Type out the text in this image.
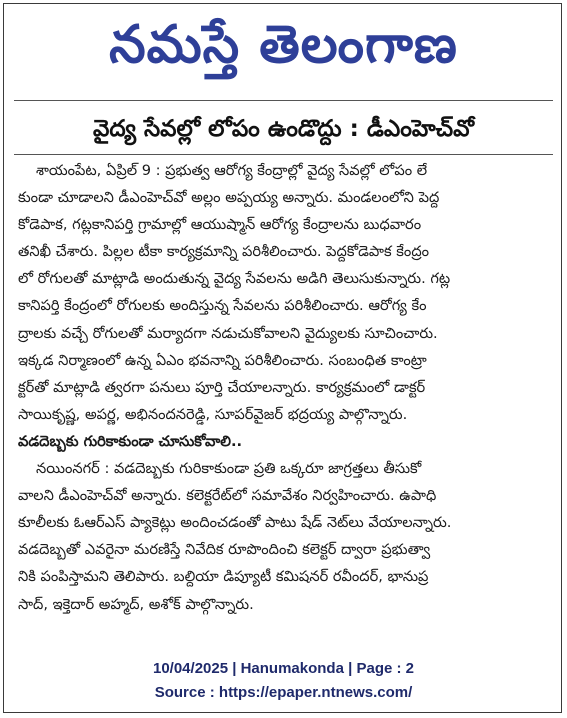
నమస్తే తెలంగాణ
వైద్య సేవల్లో లోపం ఉండొద్దు : డీఎంహెచ్‌వో
శాయంపేట, ఏప్రిల్ 9 : ప్రభుత్వ ఆరోగ్య కేంద్రాల్లో వైద్య సేవల్లో లోపం లే
కుండా చూడాలని డీఎంహెచ్‌వో అల్లం అప్పయ్య అన్నారు. మండలంలోని పెద్ద
కోడెపాక, గట్లకానిపర్తి గ్రామాల్లో ఆయుష్మాన్ ఆరోగ్య కేంద్రాలను బుధవారం
తనిఖీ చేశారు. పిల్లల టీకా కార్యక్రమాన్ని పరిశీలించారు. పెద్దకోడెపాక కేంద్రం
లో రోగులతో మాట్లాడి అందుతున్న వైద్య సేవలను అడిగి తెలుసుకున్నారు. గట్ల
కానిపర్తి కేంద్రంలో రోగులకు అందిస్తున్న సేవలను పరిశీలించారు. ఆరోగ్య కేం
ద్రాలకు వచ్చే రోగులతో మర్యాదగా నడుచుకోవాలని వైద్యులకు సూచించారు.
ఇక్కడ నిర్మాణంలో ఉన్న ఏఎం భవనాన్ని పరిశీలించారు. సంబంధిత కాంట్రా
క్టర్‌తో మాట్లాడి త్వరగా పనులు పూర్తి చేయాలన్నారు. కార్యక్రమంలో డాక్టర్
సాయికృష్ణ, అపర్ణ, అభినందనరెడ్డి, సూపర్‌వైజర్ భద్రయ్య పాల్గొన్నారు.
వడదెబ్బకు గురికాకుండా చూసుకోవాలి..
నయింనగర్ : వడదెబ్బకు గురికాకుండా ప్రతి ఒక్కరూ జాగ్రత్తలు తీసుకో
వాలని డీఎంహెచ్‌వో అన్నారు. కలెక్టరేట్‌లో సమావేశం నిర్వహించారు. ఉపాధి
కూలీలకు ఓఆర్‌ఎస్ ప్యాకెట్లు అందించడంతో పాటు షేడ్ నెట్‌లు వేయాలన్నారు.
వడదెబ్బతో ఎవరైనా మరణిస్తే నివేదిక రూపొందించి కలెక్టర్ ద్వారా ప్రభుత్వా
నికి పంపిస్తామని తెలిపారు. బల్దియా డిప్యూటీ కమిషనర్ రవీందర్, భానుప్ర
సాద్, ఇక్తెదార్ అహ్మద్, అశోక్ పాల్గొన్నారు.
10/04/2025 | Hanumakonda | Page : 2
Source : https://epaper.ntnews.com/
